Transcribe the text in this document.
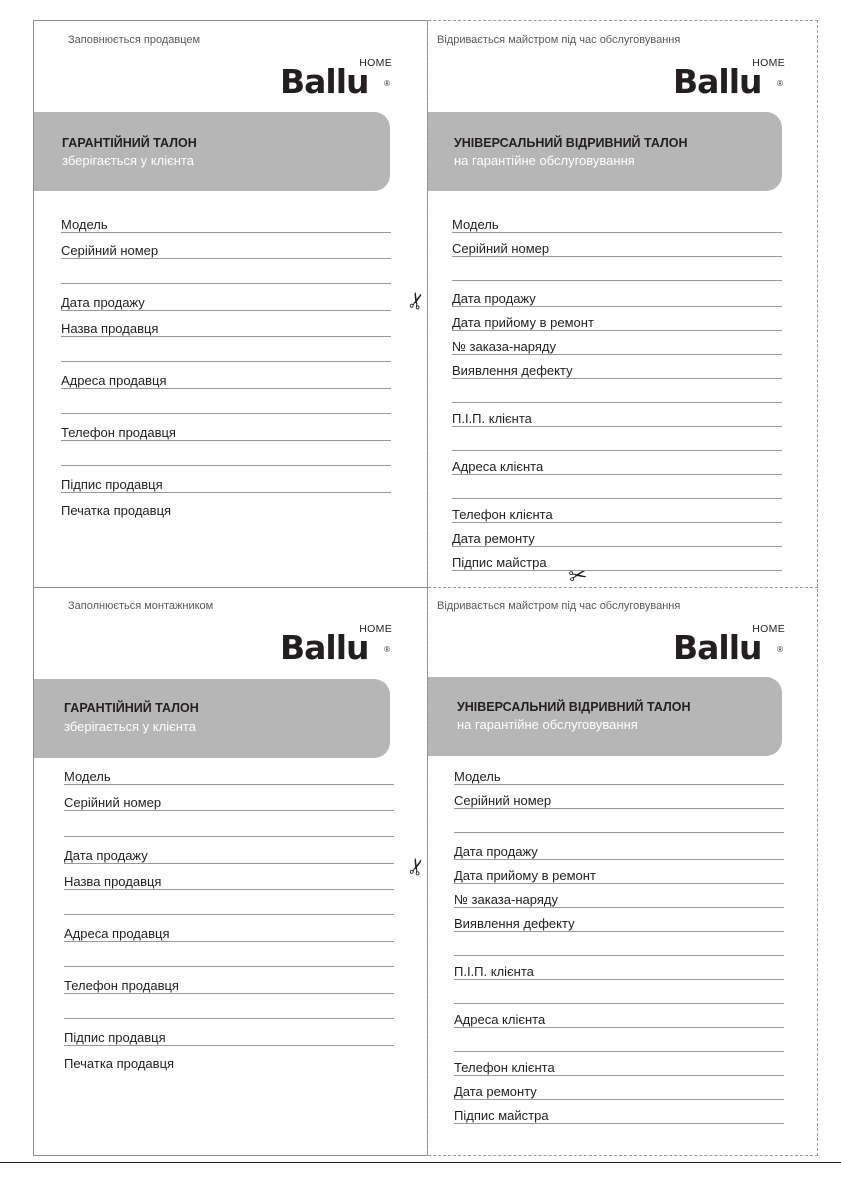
✂
✂
✂
Заповнюється продавцем
Ballu
HOME
®
ГАРАНТІЙНИЙ ТАЛОН
зберігається у клієнта
Модель
Серійний номер
Дата продажу
Назва продавця
Адреса продавця
Телефон продавця
Підпис продавця
Печатка продавця
Відривається майстром під час обслуговування
Ballu
HOME
®
УНІВЕРСАЛЬНИЙ ВІДРИВНИЙ ТАЛОН
на гарантійне обслуговування
Модель
Серійний номер
Дата продажу
Дата прийому в ремонт
№ заказа-наряду
Виявлення дефекту
П.І.П. клієнта
Адреса клієнта
Телефон клієнта
Дата ремонту
Підпис майстра
Заполнюється монтажником
Ballu
HOME
®
ГАРАНТІЙНИЙ ТАЛОН
зберігається у клієнта
Модель
Серійний номер
Дата продажу
Назва продавця
Адреса продавця
Телефон продавця
Підпис продавця
Печатка продавця
Відривається майстром під час обслуговування
Ballu
HOME
®
УНІВЕРСАЛЬНИЙ ВІДРИВНИЙ ТАЛОН
на гарантійне обслуговування
Модель
Серійний номер
Дата продажу
Дата прийому в ремонт
№ заказа-наряду
Виявлення дефекту
П.І.П. клієнта
Адреса клієнта
Телефон клієнта
Дата ремонту
Підпис майстра
